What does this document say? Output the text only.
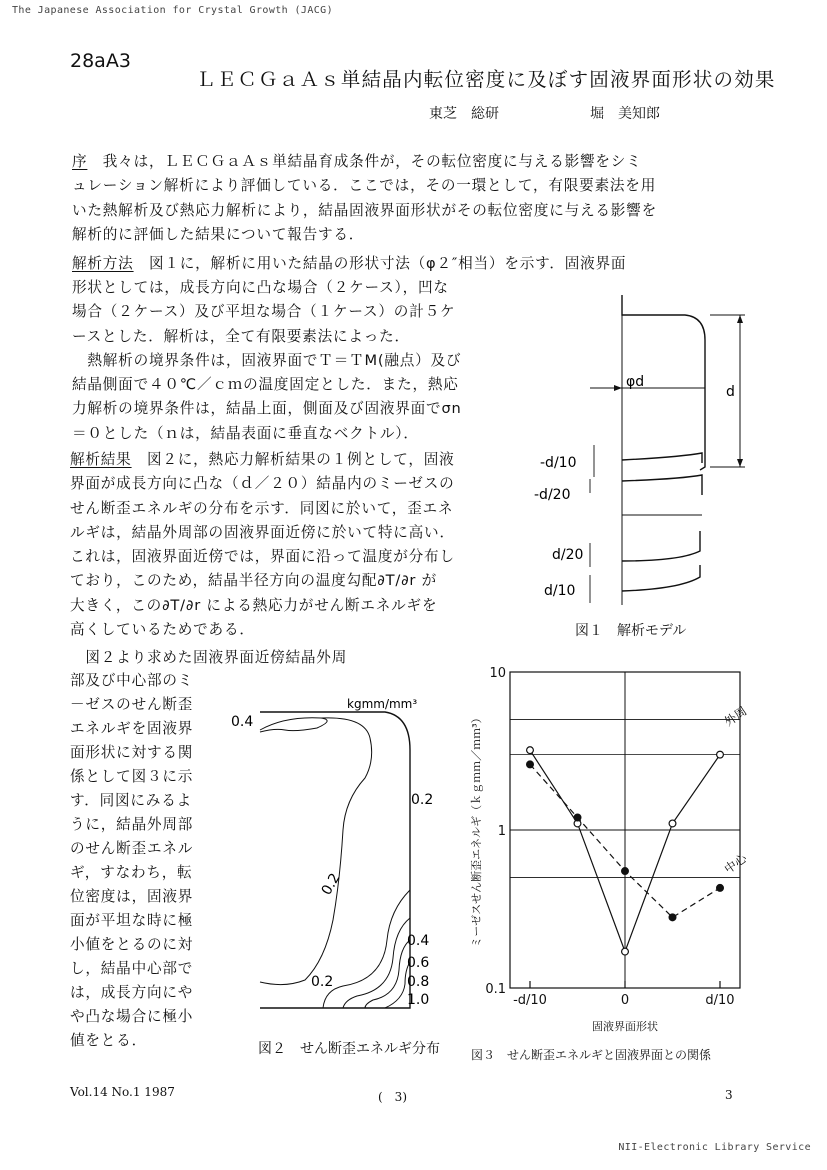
The Japanese Association for Crystal Growth (JACG)
28aA3
ＬＥＣＧａＡｓ単結晶内転位密度に及ぼす固液界面形状の効果
東芝　総研	堀　美知郎

序　我々は，ＬＥＣＧａＡｓ単結晶育成条件が，その転位密度に与える影響をシミ

ュレーション解析により評価している．ここでは，その一環として，有限要素法を用

いた熱解析及び熱応力解析により，結晶固液界面形状がその転位密度に与える影響を

解析的に評価した結果について報告する．

解析方法　図１に，解析に用いた結晶の形状寸法（φ２″相当）を示す．固液界面

形状としては，成長方向に凸な場合（２ケース），凹な

場合（２ケース）及び平坦な場合（１ケース）の計５ケ

ースとした．解析は，全て有限要素法によった．

　熱解析の境界条件は，固液界面でＴ＝ＴM(融点）及び

結晶側面で４０℃／ｃｍの温度固定とした．また，熱応

力解析の境界条件は，結晶上面，側面及び固液界面でσn

＝０とした（ｎは，結晶表面に垂直なベクトル）．

解析結果　図２に，熱応力解析結果の１例として，固液

界面が成長方向に凸な（ｄ／２０）結晶内のミーゼスの

せん断歪エネルギの分布を示す．同図に於いて，歪エネ

ルギは，結晶外周部の固液界面近傍に於いて特に高い．

これは，固液界面近傍では，界面に沿って温度が分布し

ており，このため，結晶半径方向の温度勾配∂T/∂r が

大きく，この∂T/∂r による熱応力がせん断エネルギを

高くしているためである．

　図２より求めた固液界面近傍結晶外周

部及び中心部のミ

－ゼスのせん断歪

エネルギを固液界

面形状に対する関

係として図３に示

す．同図にみるよ

うに，結晶外周部

のせん断歪エネル

ギ，すなわち，転

位密度は，固液界

面が平坦な時に極

小値をとるのに対

し，結晶中心部で

は，成長方向にや

や凸な場合に極小

値をとる．

φd
d
-d/10
-d/20
d/20
d/10
図１　解析モデル
kgmm/mm³
0.4
0.2
0.2
0.2
0.4
0.6
0.8
1.0
図２　せん断歪エネルギ分布
10
1
0.1
-d/10	0	d/10
固液界面形状
ミーゼスせん断歪エネルギ（ｋｇｍｍ／ｍｍ³）	外周
中心
図３　せん断歪エネルギと固液界面との関係
Vol.14 No.1 1987	(　3)	3
NII-Electronic Library Service
